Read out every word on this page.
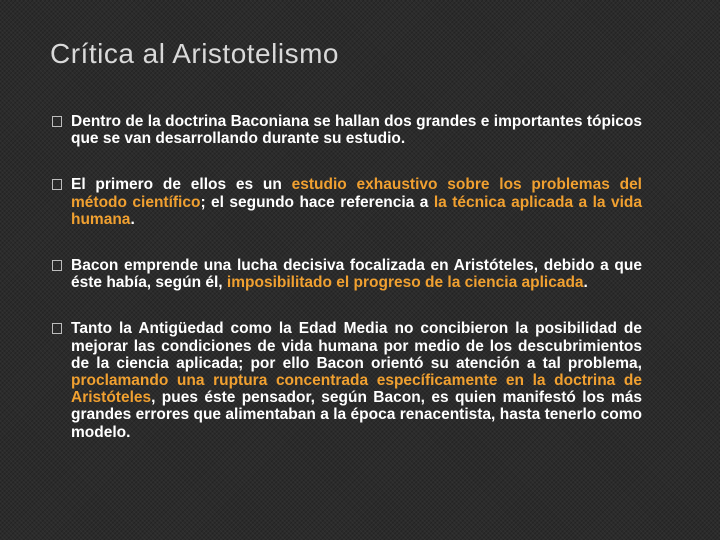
Crítica al Aristotelismo

Dentro de la doctrina Baconiana se hallan dos grandes e importantes tópicos que se van desarrollando durante su estudio.

El primero de ellos es un estudio exhaustivo sobre los problemas del método científico; el segundo hace referencia a la técnica aplicada a la vida humana.

Bacon emprende una lucha decisiva focalizada en Aristóteles, debido a que éste había, según él, imposibilitado el progreso de la ciencia aplicada.

Tanto la Antigüedad como la Edad Media no concibieron la posibilidad de mejorar las condiciones de vida humana por medio de los descubrimientos de la ciencia aplicada; por ello Bacon orientó su atención a tal problema, proclamando una ruptura concentrada específicamente en la doctrina de Aristóteles, pues éste pensador, según Bacon, es quien manifestó los más grandes errores que alimentaban a la época renacentista, hasta tenerlo como modelo.
